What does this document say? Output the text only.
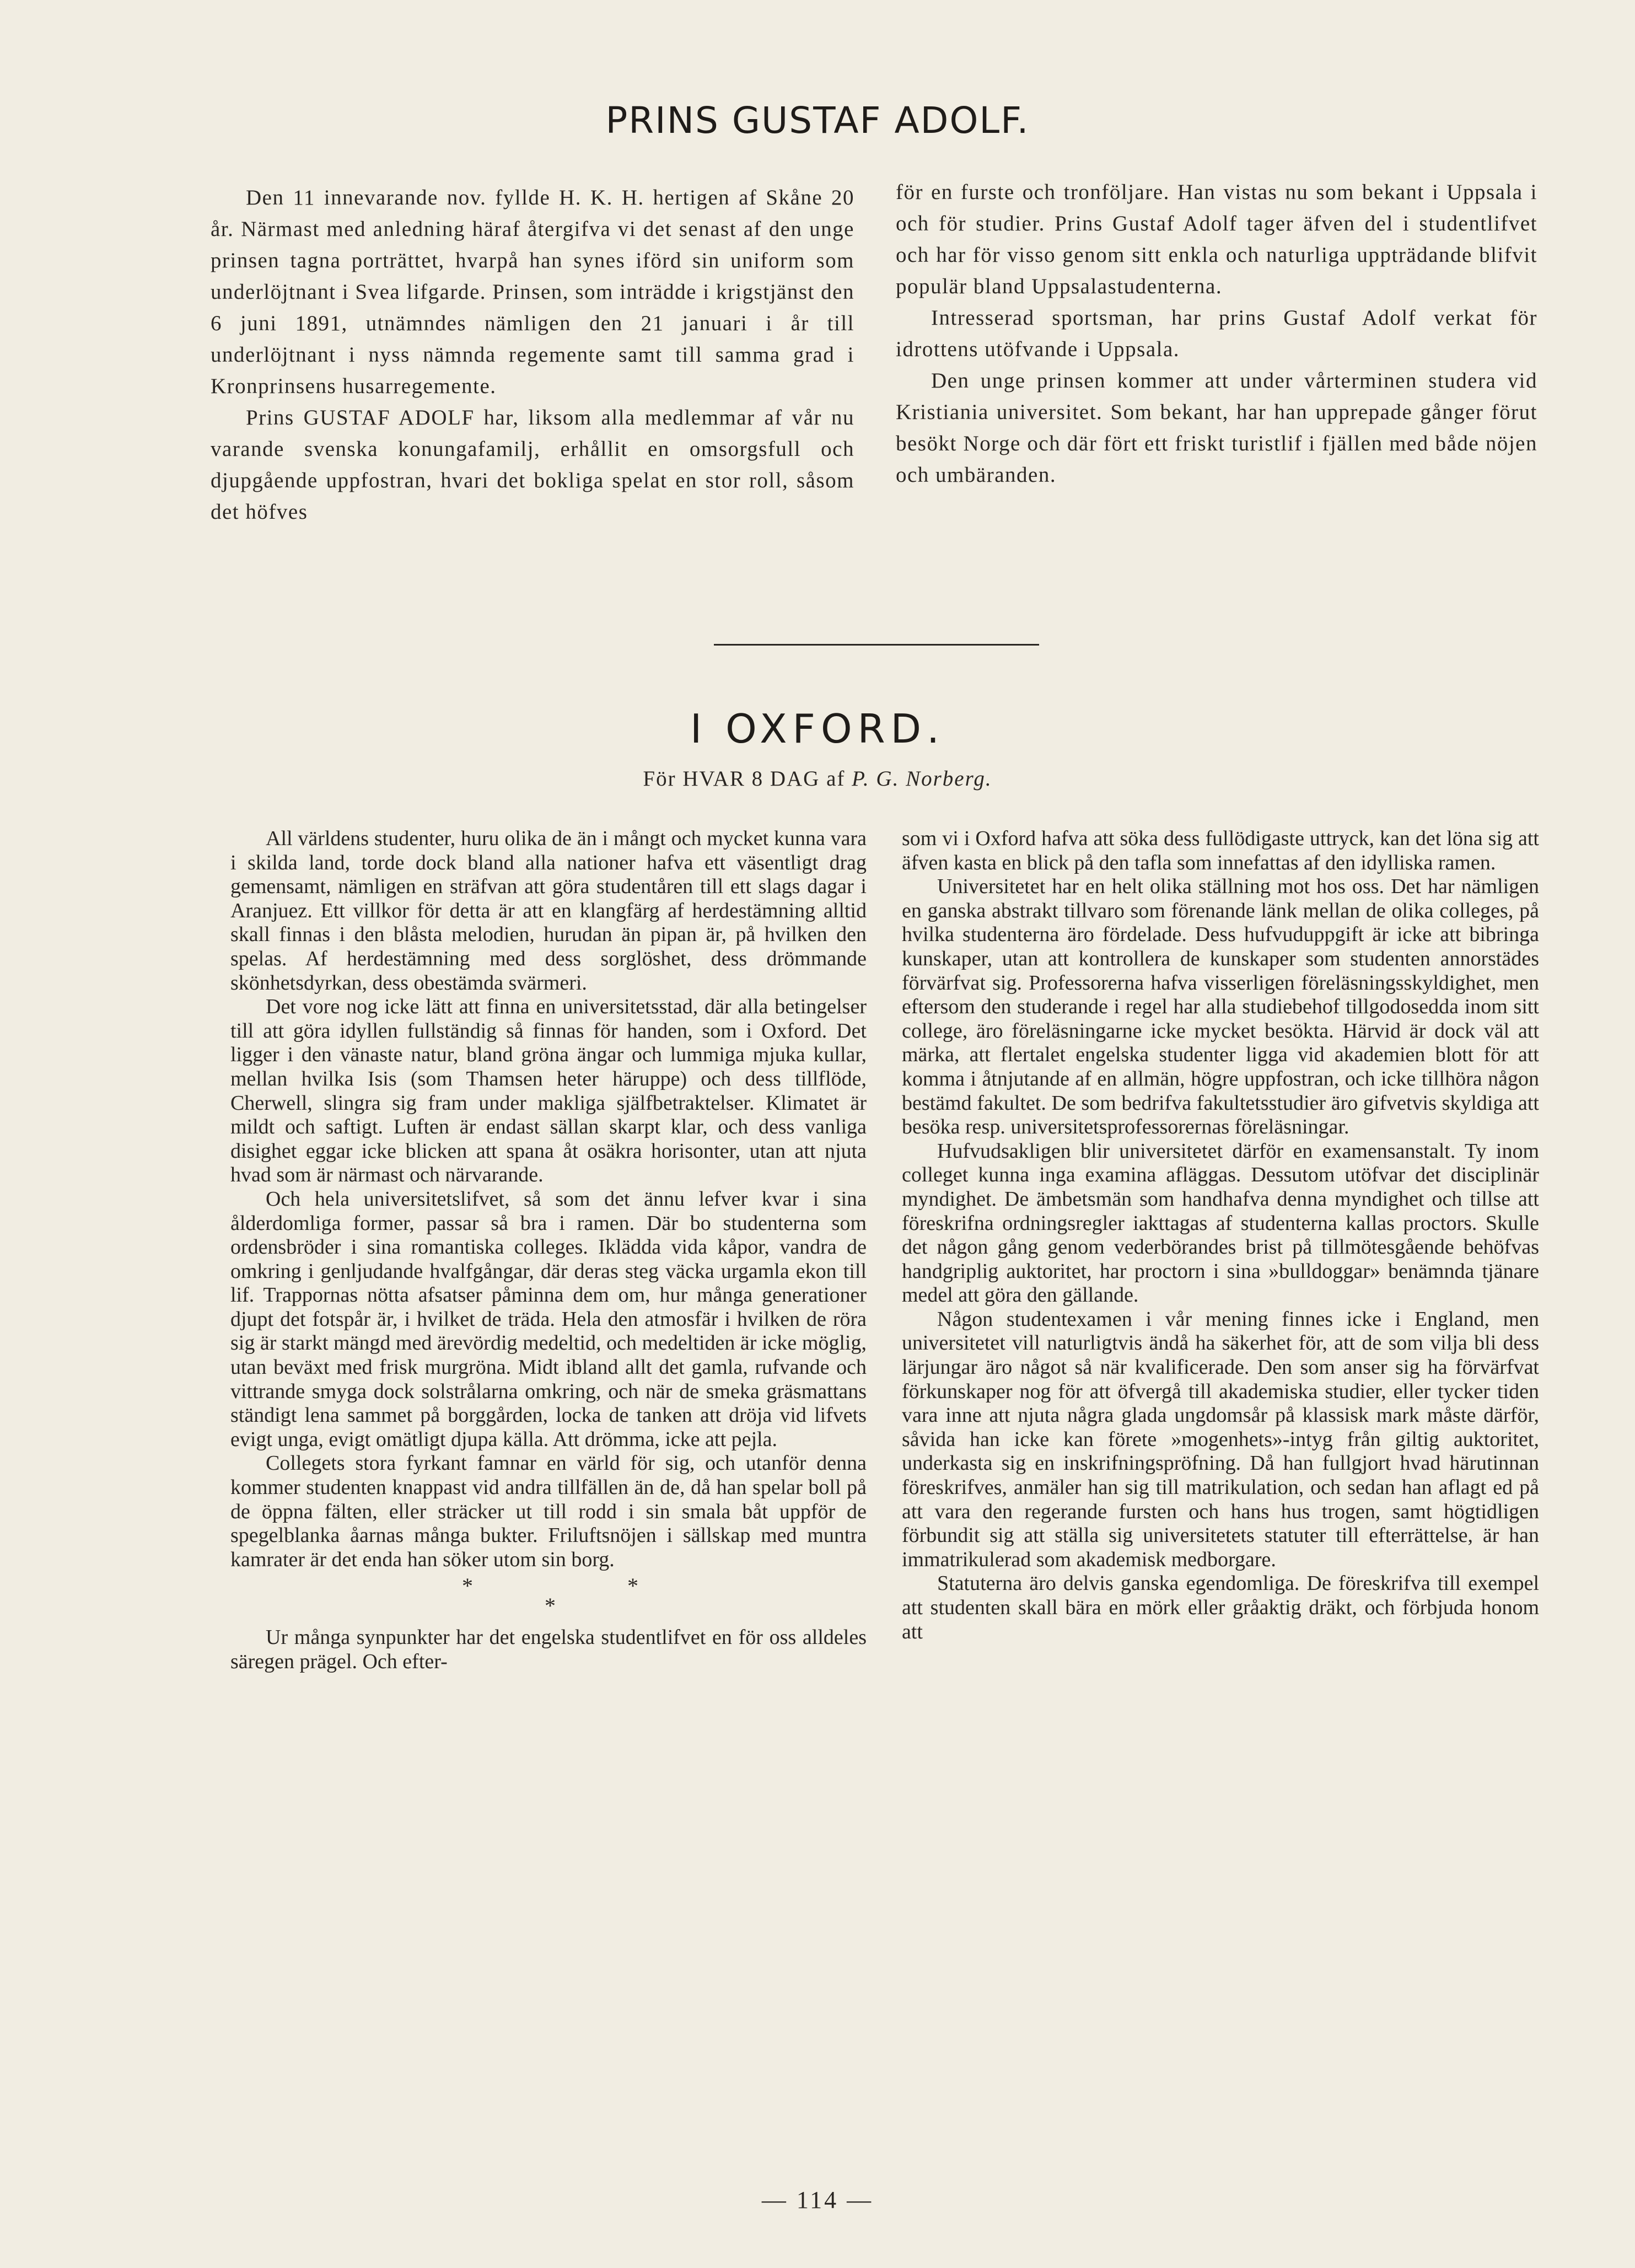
PRINS GUSTAF ADOLF.

Den 11 innevarande nov. fyllde H. K. H. hertigen af Skåne 20 år. Närmast med anledning häraf återgifva vi det senast af den unge prinsen tagna porträttet, hvarpå han synes iförd sin uniform som underlöjtnant i Svea lifgarde. Prinsen, som inträdde i krigstjänst den 6 juni 1891, utnämndes nämligen den 21 januari i år till underlöjtnant i nyss nämnda regemente samt till samma grad i Kronprinsens husarregemente.

Prins GUSTAF ADOLF har, liksom alla medlemmar af vår nu varande svenska konungafamilj, erhållit en omsorgsfull och djupgående uppfostran, hvari det bokliga spelat en stor roll, såsom det höfves

för en furste och tronföljare. Han vistas nu som bekant i Uppsala i och för studier. Prins Gustaf Adolf tager äfven del i studentlifvet och har för visso genom sitt enkla och naturliga uppträdande blifvit populär bland Uppsalastudenterna.

Intresserad sportsman, har prins Gustaf Adolf verkat för idrottens utöfvande i Uppsala.

Den unge prinsen kommer att under vårterminen studera vid Kristiania universitet. Som bekant, har han upprepade gånger förut besökt Norge och där fört ett friskt turistlif i fjällen med både nöjen och umbäranden.

I OXFORD.
För HVAR 8 DAG af P. G. Norberg.

All världens studenter, huru olika de än i mångt och mycket kunna vara i skilda land, torde dock bland alla nationer hafva ett väsentligt drag gemensamt, nämligen en sträfvan att göra studentåren till ett slags dagar i Aranjuez. Ett villkor för detta är att en klangfärg af herdestämning alltid skall finnas i den blåsta melodien, hurudan än pipan är, på hvilken den spelas. Af herdestämning med dess sorglöshet, dess drömmande skönhetsdyrkan, dess obestämda svärmeri.

Det vore nog icke lätt att finna en universitetsstad, där alla betingelser till att göra idyllen fullständig så finnas för handen, som i Oxford. Det ligger i den vänaste natur, bland gröna ängar och lummiga mjuka kullar, mellan hvilka Isis (som Thamsen heter häruppe) och dess tillflöde, Cherwell, slingra sig fram under makliga själfbetraktelser. Klimatet är mildt och saftigt. Luften är endast sällan skarpt klar, och dess vanliga disighet eggar icke blicken att spana åt osäkra horisonter, utan att njuta hvad som är närmast och närvarande.

Och hela universitetslifvet, så som det ännu lefver kvar i sina ålderdomliga former, passar så bra i ramen. Där bo studenterna som ordensbröder i sina romantiska colleges. Ikläddа vida kåpor, vandra de omkring i genljudande hvalfgångar, där deras steg väcka urgamla ekon till lif. Trappornas nötta afsatser påminna dem om, hur många generationer djupt det fotspår är, i hvilket de träda. Hela den atmosfär i hvilken de röra sig är starkt mängd med ärevördig medeltid, och medeltiden är icke möglig, utan beväxt med frisk murgröna. Midt ibland allt det gamla, rufvande och vittrande smyga dock solstrålarna omkring, och när de smeka gräsmattans ständigt lena sammet på borggården, locka de tanken att dröja vid lifvets evigt unga, evigt omätligt djupa källa. Att drömma, icke att pejla.

Collegets stora fyrkant famnar en värld för sig, och utanför denna kommer studenten knappast vid andra tillfällen än de, då han spelar boll på de öppna fälten, eller sträcker ut till rodd i sin smala båt uppför de spegelblanka åarnas många bukter. Friluftsnöjen i sällskap med muntra kamrater är det enda han söker utom sin borg.

*	*
*

Ur många synpunkter har det engelska studentlifvet en för oss alldeles säregen prägel. Och efter-

som vi i Oxford hafva att söka dess fullödigaste uttryck, kan det löna sig att äfven kasta en blick på den tafla som innefattas af den idylliska ramen.

Universitetet har en helt olika ställning mot hos oss. Det har nämligen en ganska abstrakt tillvaro som förenande länk mellan de olika colleges, på hvilka studenterna äro fördelade. Dess hufvuduppgift är icke att bibringa kunskaper, utan att kontrollera de kunskaper som studenten annorstädes förvärfvat sig. Professorerna hafva visserligen föreläsningsskyldighet, men eftersom den studerande i regel har alla studiebehof tillgodosedda inom sitt college, äro föreläsningarne icke mycket besökta. Härvid är dock väl att märka, att flertalet engelska studenter ligga vid akademien blott för att komma i åtnjutande af en allmän, högre uppfostran, och icke tillhöra någon bestämd fakultet. De som bedrifva fakultetsstudier äro gifvetvis skyldiga att besöka resp. universitetsprofessorernas föreläsningar.

Hufvudsakligen blir universitetet därför en examensanstalt. Ty inom colleget kunna inga examina afläggas. Dessutom utöfvar det disciplinär myndighet. De ämbetsmän som handhafva denna myndighet och tillse att föreskrifna ordningsregler iakttagas af studenterna kallas proctors. Skulle det någon gång genom vederbörandes brist på tillmötesgående behöfvas handgriplig auktoritet, har proctorn i sina »bulldoggar» benämnda tjänare medel att göra den gällande.

Någon studentexamen i vår mening finnes icke i England, men universitetet vill naturligtvis ändå ha säkerhet för, att de som vilja bli dess lärjungar äro något så när kvalificerade. Den som anser sig ha förvärfvat förkunskaper nog för att öfvergå till akademiska studier, eller tycker tiden vara inne att njuta några glada ungdomsår på klassisk mark måste därför, såvida han icke kan förete »mogenhets»-intyg från giltig auktoritet, underkasta sig en inskrifningspröfning. Då han fullgjort hvad härutinnan föreskrifves, anmäler han sig till matrikulation, och sedan han aflagt ed på att vara den regerande fursten och hans hus trogen, samt högtidligen förbundit sig att ställa sig universitetets statuter till efterrättelse, är han immatrikulerad som akademisk medborgare.

Statuterna äro delvis ganska egendomliga. De föreskrifva till exempel att studenten skall bära en mörk eller gråaktig dräkt, och förbjuda honom att

— 114 —
